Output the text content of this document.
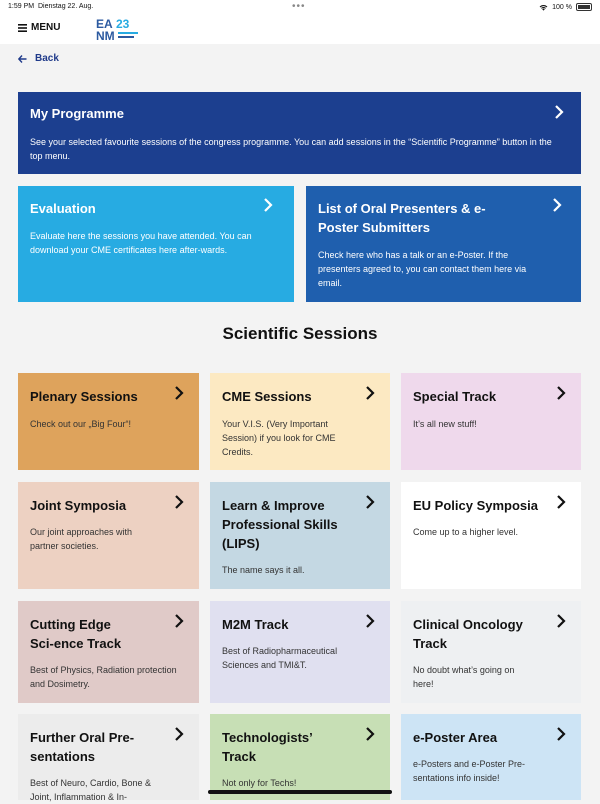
1:59 PM Dienstag 22. Aug.	•••	100 %
MENU	EA 23
NM
Back
My Programme
See your selected favourite sessions of the congress programme. You can add sessions in the “Scientific Programme” button in the top menu.
Evaluation
Evaluate here the sessions you have attended. You can download your CME certificates here after-wards.
List of Oral Presenters & e-Poster Submitters
Check here who has a talk or an e-Poster. If the presenters agreed to, you can contact them here via email.
Scientific Sessions
Plenary Sessions
Check out our „Big Four“!
CME Sessions
Your V.I.S. (Very Important Session) if you look for CME Credits.
Special Track
It’s all new stuff!
Joint Symposia
Our joint approaches with partner societies.
Learn & Improve Professional Skills (LIPS)
The name says it all.
EU Policy Symposia
Come up to a higher level.
Cutting Edge Sci-ence Track
Best of Physics, Radiation protection and Dosimetry.
M2M Track
Best of Radiopharmaceutical Sciences and TMI&T.
Clinical Oncology Track
No doubt what’s going on here!
Further Oral Pre-sentations
Best of Neuro, Cardio, Bone & Joint, Inflammation & In-
Technologists’ Track
Not only for Techs!
e-Poster Area
e-Posters and e-Poster Pre-sentations info inside!
